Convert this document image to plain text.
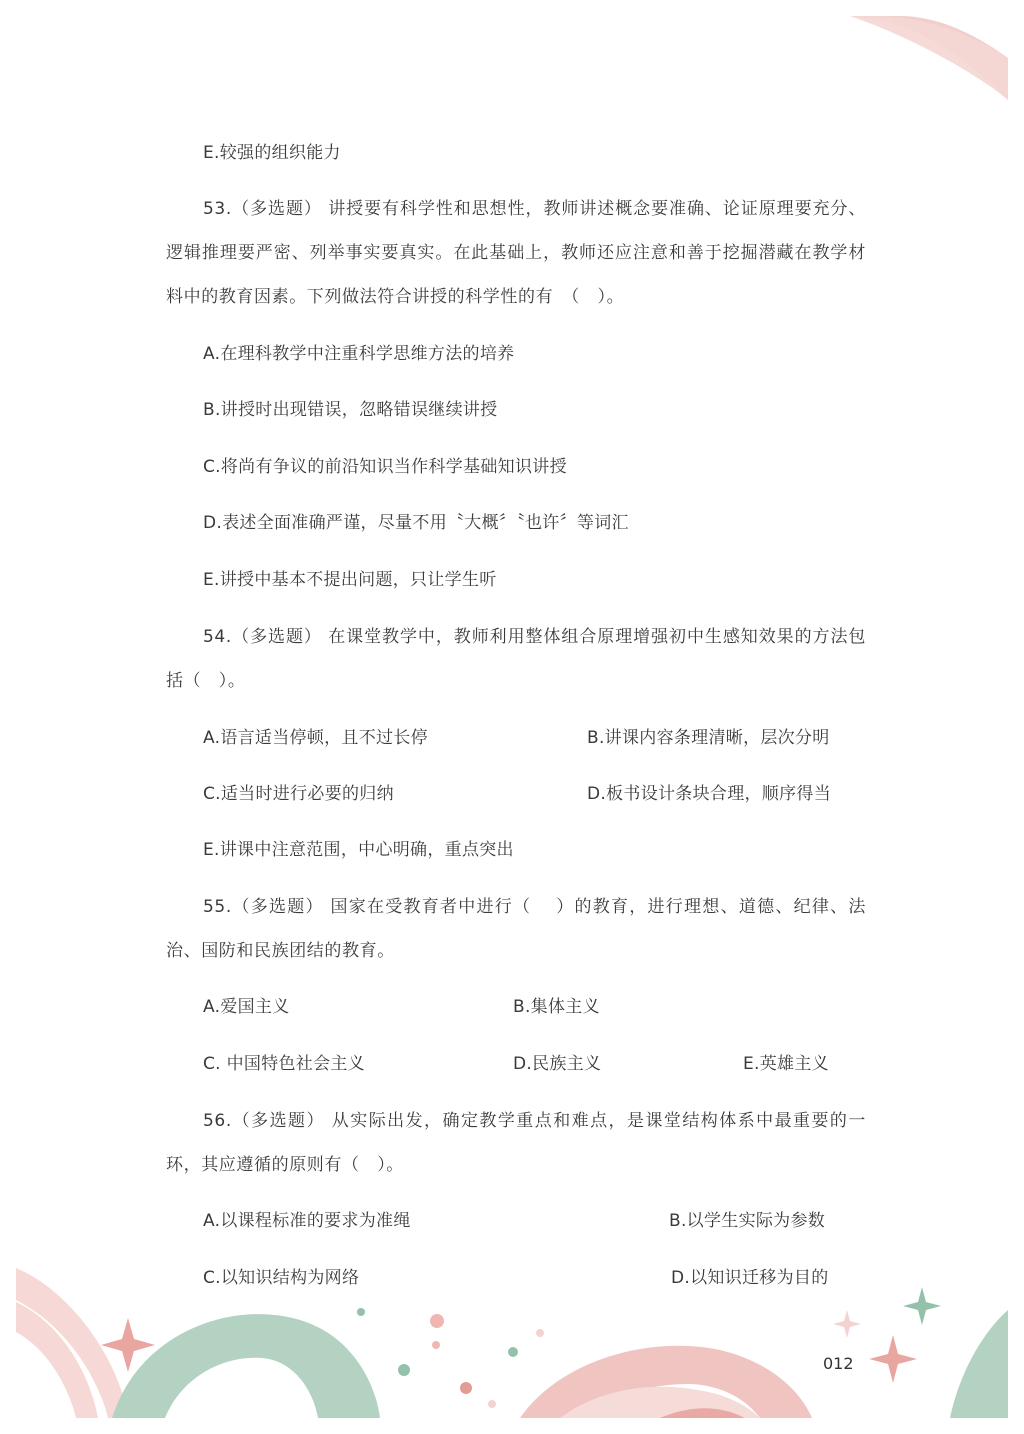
E.较强的组织能力
53.（多选题） 讲授要有科学性和思想性，教师讲述概念要准确、论证原理要充分、逻辑推理要严密、列举事实要真实。在此基础上，教师还应注意和善于挖掘潜藏在教学材料中的教育因素。下列做法符合讲授的科学性的有　（　）。
A.在理科教学中注重科学思维方法的培养
B.讲授时出现错误，忽略错误继续讲授
C.将尚有争议的前沿知识当作科学基础知识讲授
D.表述全面准确严谨，尽量不用〝大概〞〝也许〞等词汇
E.讲授中基本不提出问题，只让学生听
54.（多选题） 在课堂教学中，教师利用整体组合原理增强初中生感知效果的方法包括（　）。
A.语言适当停顿，且不过长停	B.讲课内容条理清晰，层次分明
C.适当时进行必要的归纳	D.板书设计条块合理，顺序得当
E.讲课中注意范围，中心明确，重点突出
55.（多选题） 国家在受教育者中进行（　 ）的教育，进行理想、道德、纪律、法治、国防和民族团结的教育。
A.爱国主义	B.集体主义
C. 中国特色社会主义	D.民族主义	E.英雄主义
56.（多选题） 从实际出发，确定教学重点和难点，是课堂结构体系中最重要的一环，其应遵循的原则有（　）。
A.以课程标准的要求为准绳	B.以学生实际为参数
C.以知识结构为网络	D.以知识迁移为目的
012
